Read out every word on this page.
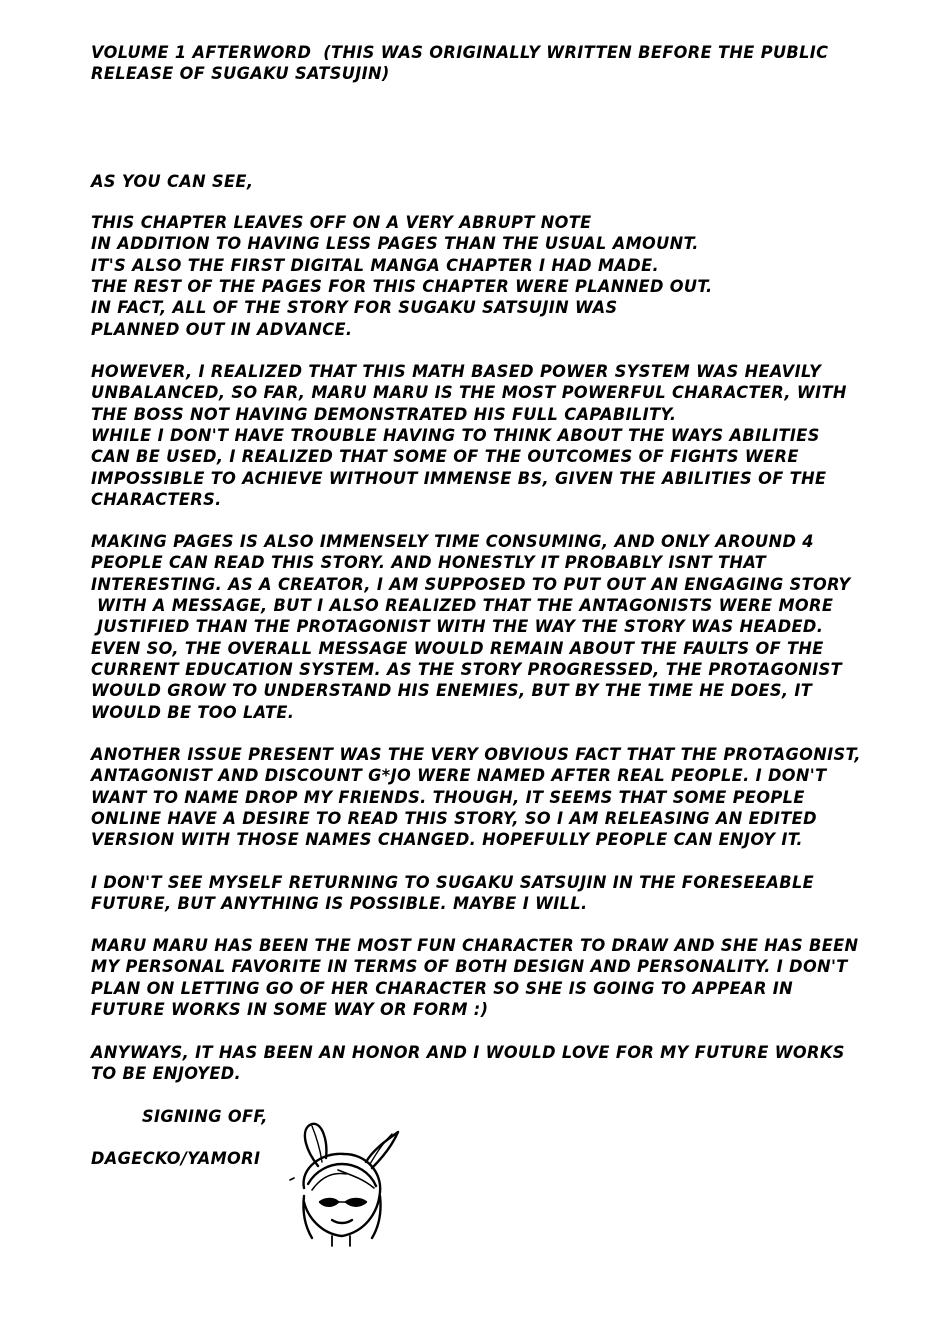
VOLUME 1 AFTERWORD  (THIS WAS ORIGINALLY WRITTEN BEFORE THE PUBLIC

RELEASE OF SUGAKU SATSUJIN)

AS YOU CAN SEE,

THIS CHAPTER LEAVES OFF ON A VERY ABRUPT NOTE

IN ADDITION TO HAVING LESS PAGES THAN THE USUAL AMOUNT.

IT'S ALSO THE FIRST DIGITAL MANGA CHAPTER I HAD MADE.

THE REST OF THE PAGES FOR THIS CHAPTER WERE PLANNED OUT.

IN FACT, ALL OF THE STORY FOR SUGAKU SATSUJIN WAS

PLANNED OUT IN ADVANCE.

HOWEVER, I REALIZED THAT THIS MATH BASED POWER SYSTEM WAS HEAVILY

UNBALANCED, SO FAR, MARU MARU IS THE MOST POWERFUL CHARACTER, WITH

THE BOSS NOT HAVING DEMONSTRATED HIS FULL CAPABILITY.

WHILE I DON'T HAVE TROUBLE HAVING TO THINK ABOUT THE WAYS ABILITIES

CAN BE USED, I REALIZED THAT SOME OF THE OUTCOMES OF FIGHTS WERE

IMPOSSIBLE TO ACHIEVE WITHOUT IMMENSE BS, GIVEN THE ABILITIES OF THE

CHARACTERS.

MAKING PAGES IS ALSO IMMENSELY TIME CONSUMING, AND ONLY AROUND 4

PEOPLE CAN READ THIS STORY. AND HONESTLY IT PROBABLY ISNT THAT

INTERESTING. AS A CREATOR, I AM SUPPOSED TO PUT OUT AN ENGAGING STORY

WITH A MESSAGE, BUT I ALSO REALIZED THAT THE ANTAGONISTS WERE MORE

JUSTIFIED THAN THE PROTAGONIST WITH THE WAY THE STORY WAS HEADED.

EVEN SO, THE OVERALL MESSAGE WOULD REMAIN ABOUT THE FAULTS OF THE

CURRENT EDUCATION SYSTEM. AS THE STORY PROGRESSED, THE PROTAGONIST

WOULD GROW TO UNDERSTAND HIS ENEMIES, BUT BY THE TIME HE DOES, IT

WOULD BE TOO LATE.

ANOTHER ISSUE PRESENT WAS THE VERY OBVIOUS FACT THAT THE PROTAGONIST,

ANTAGONIST AND DISCOUNT G*JO WERE NAMED AFTER REAL PEOPLE. I DON'T

WANT TO NAME DROP MY FRIENDS. THOUGH, IT SEEMS THAT SOME PEOPLE

ONLINE HAVE A DESIRE TO READ THIS STORY, SO I AM RELEASING AN EDITED

VERSION WITH THOSE NAMES CHANGED. HOPEFULLY PEOPLE CAN ENJOY IT.

I DON'T SEE MYSELF RETURNING TO SUGAKU SATSUJIN IN THE FORESEEABLE

FUTURE, BUT ANYTHING IS POSSIBLE. MAYBE I WILL.

MARU MARU HAS BEEN THE MOST FUN CHARACTER TO DRAW AND SHE HAS BEEN

MY PERSONAL FAVORITE IN TERMS OF BOTH DESIGN AND PERSONALITY. I DON'T

PLAN ON LETTING GO OF HER CHARACTER SO SHE IS GOING TO APPEAR IN

FUTURE WORKS IN SOME WAY OR FORM :)

ANYWAYS, IT HAS BEEN AN HONOR AND I WOULD LOVE FOR MY FUTURE WORKS

TO BE ENJOYED.

SIGNING OFF,

DAGECKO/YAMORI
